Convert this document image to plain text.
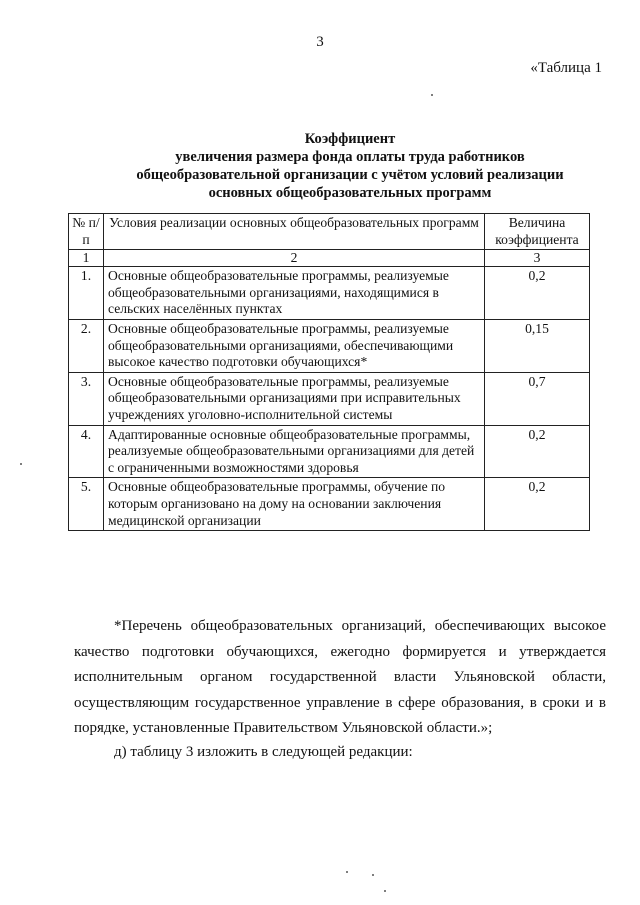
3
«Таблица 1
Коэффициент
увеличения размера фонда оплаты труда работников
общеобразовательной организации с учётом условий реализации
основных общеобразовательных программ
№ п/п	Условия реализации основных общеобразовательных программ	Величина коэффициента
1	2	3
1.	Основные общеобразовательные программы, реализуемые общеобразовательными организациями, находящимися в сельских населённых пунктах	0,2
2.	Основные общеобразовательные программы, реализуемые общеобразовательными организациями, обеспечивающими высокое качество подготовки обучающихся*	0,15
3.	Основные общеобразовательные программы, реализуемые общеобразовательными организациями при исправительных учреждениях уголовно-исполнительной системы	0,7
4.	Адаптированные основные общеобразовательные программы, реализуемые общеобразовательными организациями для детей с ограниченными возможностями здоровья	0,2
5.	Основные общеобразовательные программы, обучение по которым организовано на дому на основании заключения медицинской организации	0,2

*Перечень общеобразовательных организаций, обеспечивающих высокое качество подготовки обучающихся, ежегодно формируется и утверждается исполнительным органом государственной власти Ульяновской области, осуществляющим государственное управление в сфере образования, в сроки и в порядке, установленные Правительством Ульяновской области.»;

д) таблицу 3 изложить в следующей редакции:
